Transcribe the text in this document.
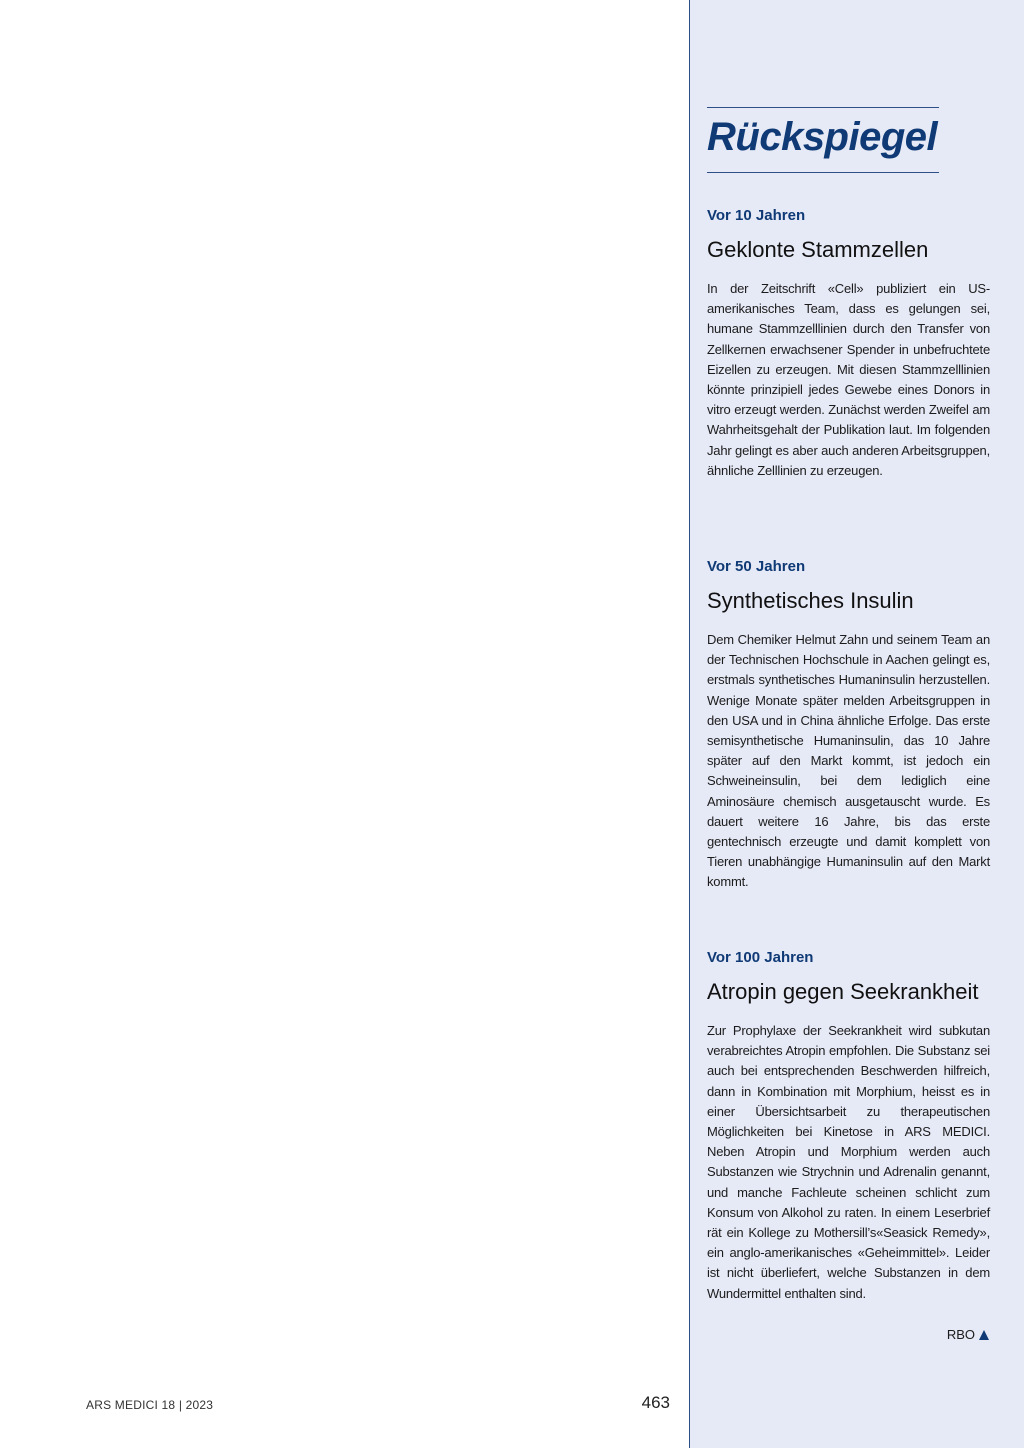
Rückspiegel
Vor 10 Jahren
Geklonte Stammzellen
In der Zeitschrift «Cell» publiziert ein US-amerikanisches Team, dass es gelungen sei, humane Stammzelllinien durch den Transfer von Zellkernen erwachsener Spender in unbefruchtete Eizellen zu erzeugen. Mit diesen Stammzelllinien könnte prinzipiell jedes Gewebe eines Donors in vitro erzeugt werden. Zunächst werden Zweifel am Wahrheitsgehalt der Publikation laut. Im folgenden Jahr gelingt es aber auch anderen Arbeitsgruppen, ähnliche Zelllinien zu erzeugen.
Vor 50 Jahren
Synthetisches Insulin
Dem Chemiker Helmut Zahn und seinem Team an der Technischen Hochschule in Aachen gelingt es, erstmals synthetisches Humaninsulin herzustellen. Wenige Monate später melden Arbeitsgruppen in den USA und in China ähnliche Erfolge. Das erste semisynthetische Humaninsulin, das 10 Jahre später auf den Markt kommt, ist jedoch ein Schweineinsulin, bei dem lediglich eine Aminosäure chemisch ausgetauscht wurde. Es dauert weitere 16 Jahre, bis das erste gentechnisch erzeugte und damit komplett von Tieren unabhängige Humaninsulin auf den Markt kommt.
Vor 100 Jahren
Atropin gegen Seekrankheit
Zur Prophylaxe der Seekrankheit wird subkutan verabreichtes Atropin empfohlen. Die Substanz sei auch bei entsprechenden Beschwerden hilfreich, dann in Kombination mit Morphium, heisst es in einer Übersichtsarbeit zu therapeutischen Möglichkeiten bei Kinetose in ARS MEDICI. Neben Atropin und Morphium werden auch Substanzen wie Strychnin und Adrenalin genannt, und manche Fachleute scheinen schlicht zum Konsum von Alkohol zu raten. In einem Leserbrief rät ein Kollege zu Mothersill’s«Seasick Remedy», ein anglo-amerikanisches «Geheimmittel». Leider ist nicht überliefert, welche Substanzen in dem Wundermittel enthalten sind.
RBO
ARS MEDICI 18 | 2023	463
